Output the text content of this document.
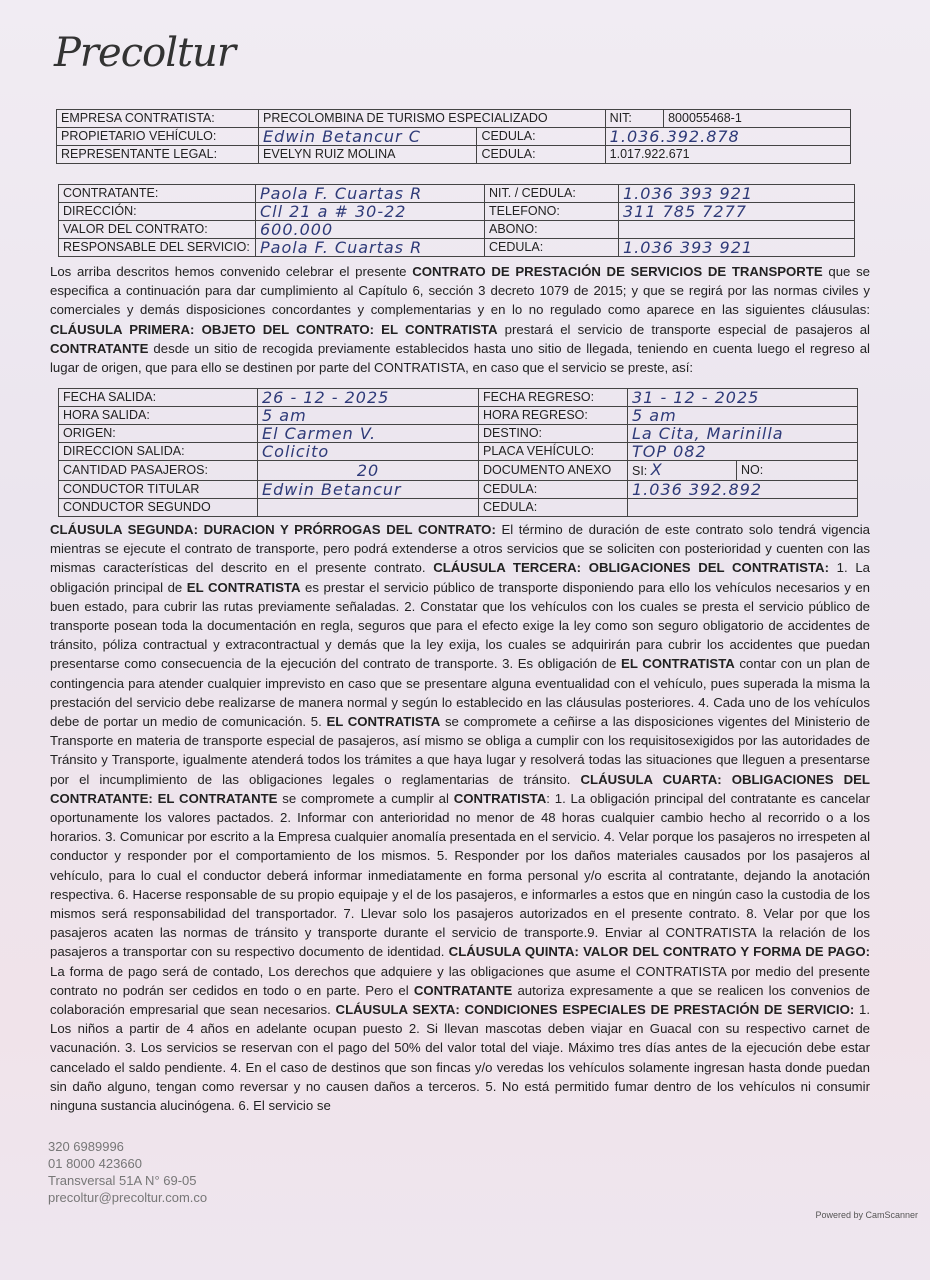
Precoltur
EMPRESA CONTRATISTA:	PRECOLOMBINA DE TURISMO ESPECIALIZADO		NIT:	800055468-1
PROPIETARIO VEHÍCULO:	Edwin Betancur C	CEDULA:	1.036.392.878	
REPRESENTANTE LEGAL:	EVELYN RUIZ MOLINA	CEDULA:	1.017.922.671	
CONTRATANTE:	Paola F. Cuartas R	NIT. / CEDULA:	1.036 393 921
DIRECCIÓN:	Cll 21 a # 30-22	TELEFONO:	311 785 7277
VALOR DEL CONTRATO:	600.000	ABONO:	
RESPONSABLE DEL SERVICIO:	Paola F. Cuartas R	CEDULA:	1.036 393 921
Los arriba descritos hemos convenido celebrar el presente CONTRATO DE PRESTACIÓN DE SERVICIOS DE TRANSPORTE que se especifica a continuación para dar cumplimiento al Capítulo 6, sección 3 decreto 1079 de 2015; y que se regirá por las normas civiles y comerciales y demás disposiciones concordantes y complementarias y en lo no regulado como aparece en las siguientes cláusulas: CLÁUSULA PRIMERA: OBJETO DEL CONTRATO: EL CONTRATISTA prestará el servicio de transporte especial de pasajeros al CONTRATANTE desde un sitio de recogida previamente establecidos hasta uno sitio de llegada, teniendo en cuenta luego el regreso al lugar de origen, que para ello se destinen por parte del CONTRATISTA, en caso que el servicio se preste, así:
FECHA SALIDA:	26 - 12 - 2025	FECHA REGRESO:	31 - 12 - 2025	
HORA SALIDA:	5 am	HORA REGRESO:	5 am	
ORIGEN:	El Carmen V.	DESTINO:	La Cita, Marinilla	
DIRECCION SALIDA:	Colicito	PLACA VEHÍCULO:	TOP 082	
CANTIDAD PASAJEROS:	20	DOCUMENTO ANEXO	SI: X	NO:
CONDUCTOR TITULAR	Edwin Betancur	CEDULA:	1.036 392.892	
CONDUCTOR SEGUNDO		CEDULA:		
CLÁUSULA SEGUNDA: DURACION Y PRÓRROGAS DEL CONTRATO: El término de duración de este contrato solo tendrá vigencia mientras se ejecute el contrato de transporte, pero podrá extenderse a otros servicios que se soliciten con posterioridad y cuenten con las mismas características del descrito en el presente contrato. CLÁUSULA TERCERA: OBLIGACIONES DEL CONTRATISTA: 1. La obligación principal de EL CONTRATISTA es prestar el servicio público de transporte disponiendo para ello los vehículos necesarios y en buen estado, para cubrir las rutas previamente señaladas. 2. Constatar que los vehículos con los cuales se presta el servicio público de transporte posean toda la documentación en regla, seguros que para el efecto exige la ley como son seguro obligatorio de accidentes de tránsito, póliza contractual y extracontractual y demás que la ley exija, los cuales se adquirirán para cubrir los accidentes que puedan presentarse como consecuencia de la ejecución del contrato de transporte. 3. Es obligación de EL CONTRATISTA contar con un plan de contingencia para atender cualquier imprevisto en caso que se presentare alguna eventualidad con el vehículo, pues superada la misma la prestación del servicio debe realizarse de manera normal y según lo establecido en las cláusulas posteriores. 4. Cada uno de los vehículos debe de portar un medio de comunicación. 5. EL CONTRATISTA se compromete a ceñirse a las disposiciones vigentes del Ministerio de Transporte en materia de transporte especial de pasajeros, así mismo se obliga a cumplir con los requisitosexigidos por las autoridades de Tránsito y Transporte, igualmente atenderá todos los trámites a que haya lugar y resolverá todas las situaciones que lleguen a presentarse por el incumplimiento de las obligaciones legales o reglamentarias de tránsito. CLÁUSULA CUARTA: OBLIGACIONES DEL CONTRATANTE: EL CONTRATANTE se compromete a cumplir al CONTRATISTA: 1. La obligación principal del contratante es cancelar oportunamente los valores pactados. 2. Informar con anterioridad no menor de 48 horas cualquier cambio hecho al recorrido o a los horarios. 3. Comunicar por escrito a la Empresa cualquier anomalía presentada en el servicio. 4. Velar porque los pasajeros no irrespeten al conductor y responder por el comportamiento de los mismos. 5. Responder por los daños materiales causados por los pasajeros al vehículo, para lo cual el conductor deberá informar inmediatamente en forma personal y/o escrita al contratante, dejando la anotación respectiva. 6. Hacerse responsable de su propio equipaje y el de los pasajeros, e informarles a estos que en ningún caso la custodia de los mismos será responsabilidad del transportador. 7. Llevar solo los pasajeros autorizados en el presente contrato. 8. Velar por que los pasajeros acaten las normas de tránsito y transporte durante el servicio de transporte.9. Enviar al CONTRATISTA la relación de los pasajeros a transportar con su respectivo documento de identidad. CLÁUSULA QUINTA: VALOR DEL CONTRATO Y FORMA DE PAGO: La forma de pago será de contado, Los derechos que adquiere y las obligaciones que asume el CONTRATISTA por medio del presente contrato no podrán ser cedidos en todo o en parte. Pero el CONTRATANTE autoriza expresamente a que se realicen los convenios de colaboración empresarial que sean necesarios. CLÁUSULA SEXTA: CONDICIONES ESPECIALES DE PRESTACIÓN DE SERVICIO: 1. Los niños a partir de 4 años en adelante ocupan puesto 2. Si llevan mascotas deben viajar en Guacal con su respectivo carnet de vacunación. 3. Los servicios se reservan con el pago del 50% del valor total del viaje. Máximo tres días antes de la ejecución debe estar cancelado el saldo pendiente. 4. En el caso de destinos que son fincas y/o veredas los vehículos solamente ingresan hasta donde puedan sin daño alguno, tengan como reversar y no causen daños a terceros. 5. No está permitido fumar dentro de los vehículos ni consumir ninguna sustancia alucinógena. 6. El servicio se
320 6989996
01 8000 423660
Transversal 51A N° 69-05
precoltur@precoltur.com.co
Powered by CamScanner
